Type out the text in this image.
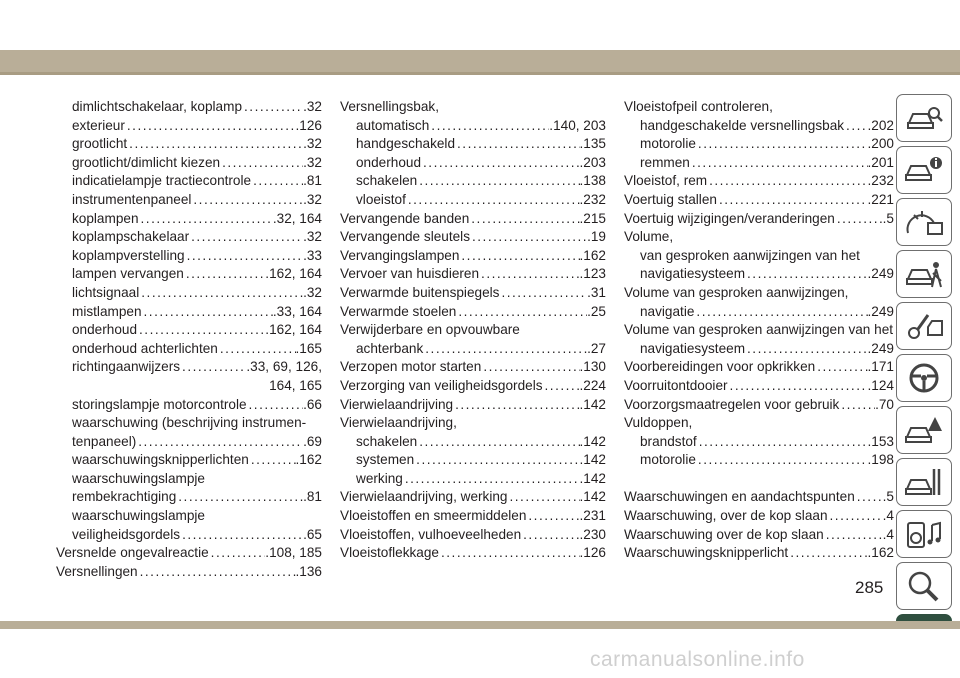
dimlichtschakelaar, koplamp .....	.32
exterieur .....	.126
grootlicht .....	.32
grootlicht/dimlicht kiezen .....	.32
indicatielampje tractiecontrole .....	.81
instrumentenpaneel .....	.32
koplampen .....	.32, 164
koplampschakelaar .....	.32
koplampverstelling .....	.33
lampen vervangen .....	.162, 164
lichtsignaal .....	.32
mistlampen .....	.33, 164
onderhoud .....	.162, 164
onderhoud achterlichten .....	.165
richtingaanwijzers .....	.33, 69, 126,
164, 165
storingslampje motorcontrole .....	.66
waarschuwing (beschrijving instrumen-
tenpaneel) .....	.69
waarschuwingsknipperlichten .....	.162
waarschuwingslampje
rembekrachtiging .....	.81
waarschuwingslampje
veiligheidsgordels .....	.65
Versnelde ongevalreactie .....	.108, 185
Versnellingen .....	.136
Versnellingsbak,
automatisch .....	.140, 203
handgeschakeld .....	.135
onderhoud .....	.203
schakelen .....	.138
vloeistof .....	.232
Vervangende banden .....	.215
Vervangende sleutels .....	.19
Vervangingslampen .....	.162
Vervoer van huisdieren .....	.123
Verwarmde buitenspiegels .....	.31
Verwarmde stoelen .....	.25
Verwijderbare en opvouwbare
achterbank .....	.27
Verzopen motor starten .....	.130
Verzorging van veiligheidsgordels .....	.224
Vierwielaandrijving .....	.142
Vierwielaandrijving,
schakelen .....	.142
systemen .....	.142
werking .....	.142
Vierwielaandrijving, werking .....	.142
Vloeistoffen en smeermiddelen .....	.231
Vloeistoffen, vulhoeveelheden .....	.230
Vloeistoflekkage .....	.126
Vloeistofpeil controleren,
handgeschakelde versnellingsbak ..... .202
motorolie .....	.200
remmen .....	.201
Vloeistof, rem .....	.232
Voertuig stallen .....	.221
Voertuig wijzigingen/veranderingen .....	.5
Volume,
van gesproken aanwijzingen van het
navigatiesysteem .....	.249
Volume van gesproken aanwijzingen,
navigatie .....	.249
Volume van gesproken aanwijzingen van het
navigatiesysteem .....	.249
Voorbereidingen voor opkrikken .....	.171
Voorruitontdooier .....	.124
Voorzorgsmaatregelen voor gebruik .....	.70
Vuldoppen,
brandstof .....	.153
motorolie .....	.198
Waarschuwingen en aandachtspunten ..... .5
Waarschuwing, over de kop slaan .....	.4
Waarschuwing over de kop slaan .....	.4
Waarschuwingsknipperlicht .....	.162
285
carmanualsonline.info
